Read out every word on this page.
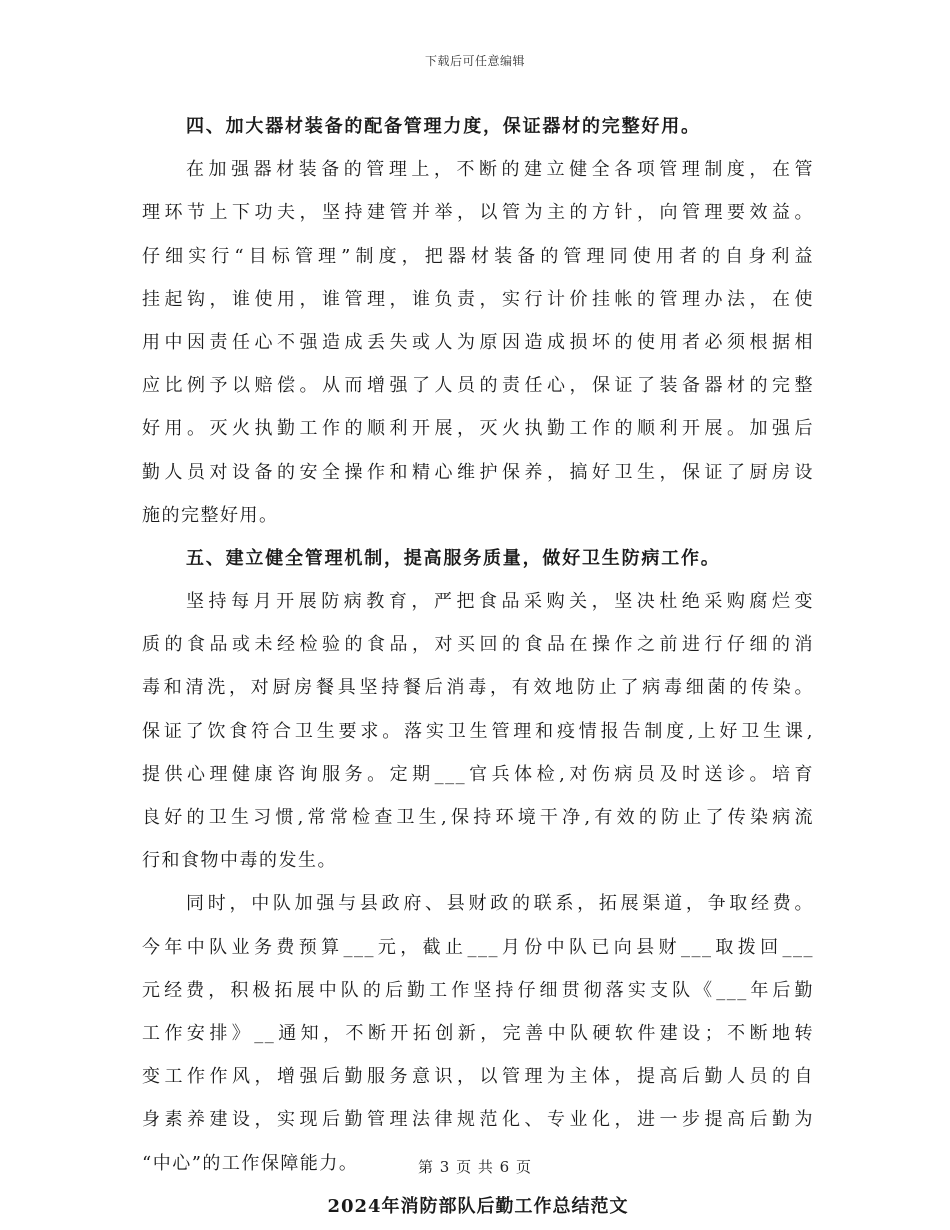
下载后可任意编辑
四、加大器材装备的配备管理力度，保证器材的完整好用。
在加强器材装备的管理上，不断的建立健全各项管理制度，在管
理环节上下功夫，坚持建管并举，以管为主的方针，向管理要效益。
仔细实行“目标管理”制度，把器材装备的管理同使用者的自身利益
挂起钩，谁使用，谁管理，谁负责，实行计价挂帐的管理办法，在使
用中因责任心不强造成丢失或人为原因造成损坏的使用者必须根据相
应比例予以赔偿。从而增强了人员的责任心，保证了装备器材的完整
好用。灭火执勤工作的顺利开展，灭火执勤工作的顺利开展。加强后
勤人员对设备的安全操作和精心维护保养，搞好卫生，保证了厨房设
施的完整好用。
五、建立健全管理机制，提高服务质量，做好卫生防病工作。
坚持每月开展防病教育，严把食品采购关，坚决杜绝采购腐烂变
质的食品或未经检验的食品，对买回的食品在操作之前进行仔细的消
毒和清洗，对厨房餐具坚持餐后消毒，有效地防止了病毒细菌的传染。
保证了饮食符合卫生要求。落实卫生管理和疫情报告制度,上好卫生课,
提供心理健康咨询服务。定期___官兵体检,对伤病员及时送诊。培育
良好的卫生习惯,常常检查卫生,保持环境干净,有效的防止了传染病流
行和食物中毒的发生。
同时，中队加强与县政府、县财政的联系，拓展渠道，争取经费。
今年中队业务费预算___元，截止___月份中队已向县财___取拨回___
元经费，积极拓展中队的后勤工作坚持仔细贯彻落实支队《___年后勤
工作安排》__通知，不断开拓创新，完善中队硬软件建设；不断地转
变工作作风，增强后勤服务意识，以管理为主体，提高后勤人员的自
身素养建设，实现后勤管理法律规范化、专业化，进一步提高后勤为
“中心”的工作保障能力。
2024年消防部队后勤工作总结范文
第 3 页 共 6 页
